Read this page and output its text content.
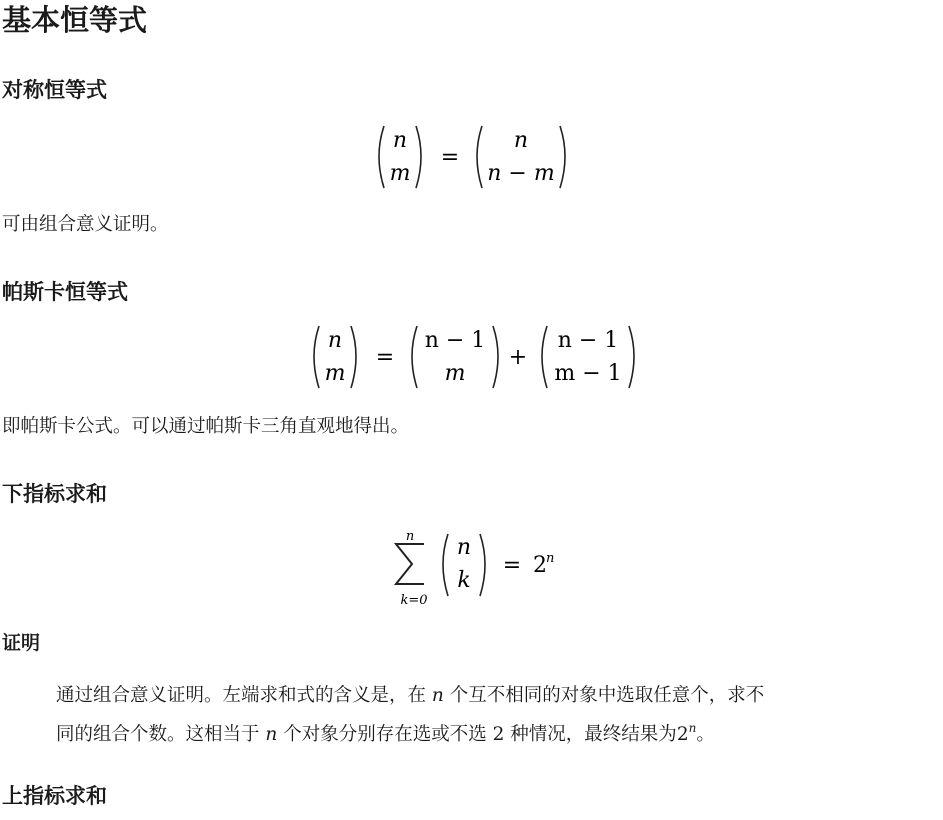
基本恒等式
对称恒等式
n
m
=
n
n − m
可由组合意义证明。
帕斯卡恒等式
n
m
=
n − 1
m
+
n − 1
m − 1
即帕斯卡公式。可以通过帕斯卡三角直观地得出。
下指标求和
n
k=0
n
k
= 2 n
证明
通过组合意义证明。左端求和式的含义是，在 n 个互不相同的对象中选取任意个，求不
同的组合个数。这相当于 n 个对象分别存在选或不选 2 种情况，最终结果为2$^n$。
上指标求和
